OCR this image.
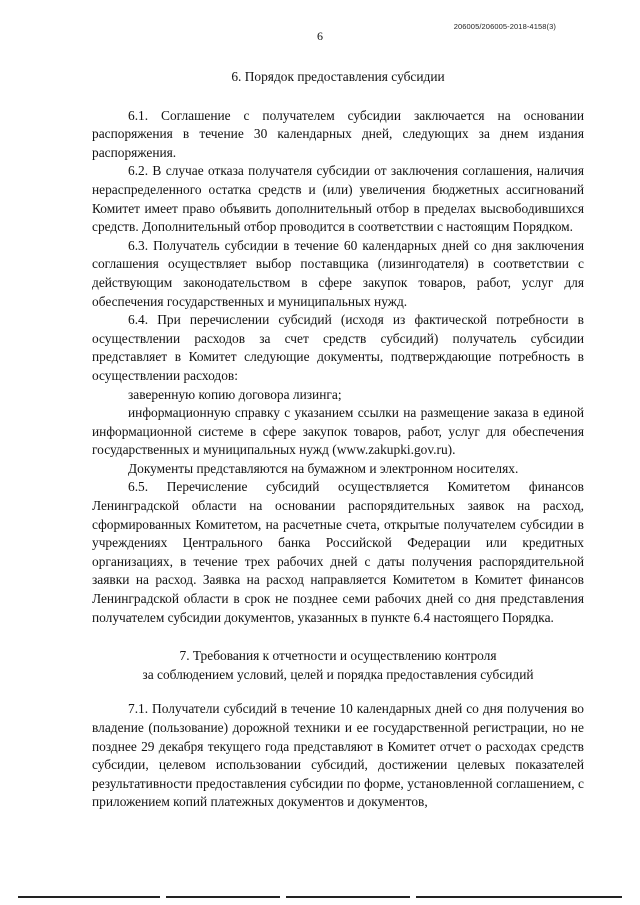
206005/206005-2018-4158(3)
6
6. Порядок предоставления субсидии

6.1. Соглашение с получателем субсидии заключается на основании распоряжения в течение 30 календарных дней, следующих за днем издания распоряжения.

6.2. В случае отказа получателя субсидии от заключения соглашения, наличия нераспределенного остатка средств и (или) увеличения бюджетных ассигнований Комитет имеет право объявить дополнительный отбор в пределах высвободившихся средств. Дополнительный отбор проводится в соответствии с настоящим Порядком.

6.3. Получатель субсидии в течение 60 календарных дней со дня заключения соглашения осуществляет выбор поставщика (лизингодателя) в соответствии с действующим законодательством в сфере закупок товаров, работ, услуг для обеспечения государственных и муниципальных нужд.

6.4. При перечислении субсидий (исходя из фактической потребности в осуществлении расходов за счет средств субсидий) получатель субсидии представляет в Комитет следующие документы, подтверждающие потребность в осуществлении расходов:

заверенную копию договора лизинга;

информационную справку с указанием ссылки на размещение заказа в единой информационной системе в сфере закупок товаров, работ, услуг для обеспечения государственных и муниципальных нужд (www.zakupki.gov.ru).

Документы представляются на бумажном и электронном носителях.

6.5. Перечисление субсидий осуществляется Комитетом финансов Ленинградской области на основании распорядительных заявок на расход, сформированных Комитетом, на расчетные счета, открытые получателем субсидии в учреждениях Центрального банка Российской Федерации или кредитных организациях, в течение трех рабочих дней с даты получения распорядительной заявки на расход. Заявка на расход направляется Комитетом в Комитет финансов Ленинградской области в срок не позднее семи рабочих дней со дня представления получателем субсидии документов, указанных в пункте 6.4 настоящего Порядка.

7. Требования к отчетности и осуществлению контроля
за соблюдением условий, целей и порядка предоставления субсидий

7.1. Получатели субсидий в течение 10 календарных дней со дня получения во владение (пользование) дорожной техники и ее государственной регистрации, но не позднее 29 декабря текущего года представляют в Комитет отчет о расходах средств субсидии, целевом использовании субсидий, достижении целевых показателей результативности предоставления субсидии по форме, установленной соглашением, с приложением копий платежных документов и документов,
